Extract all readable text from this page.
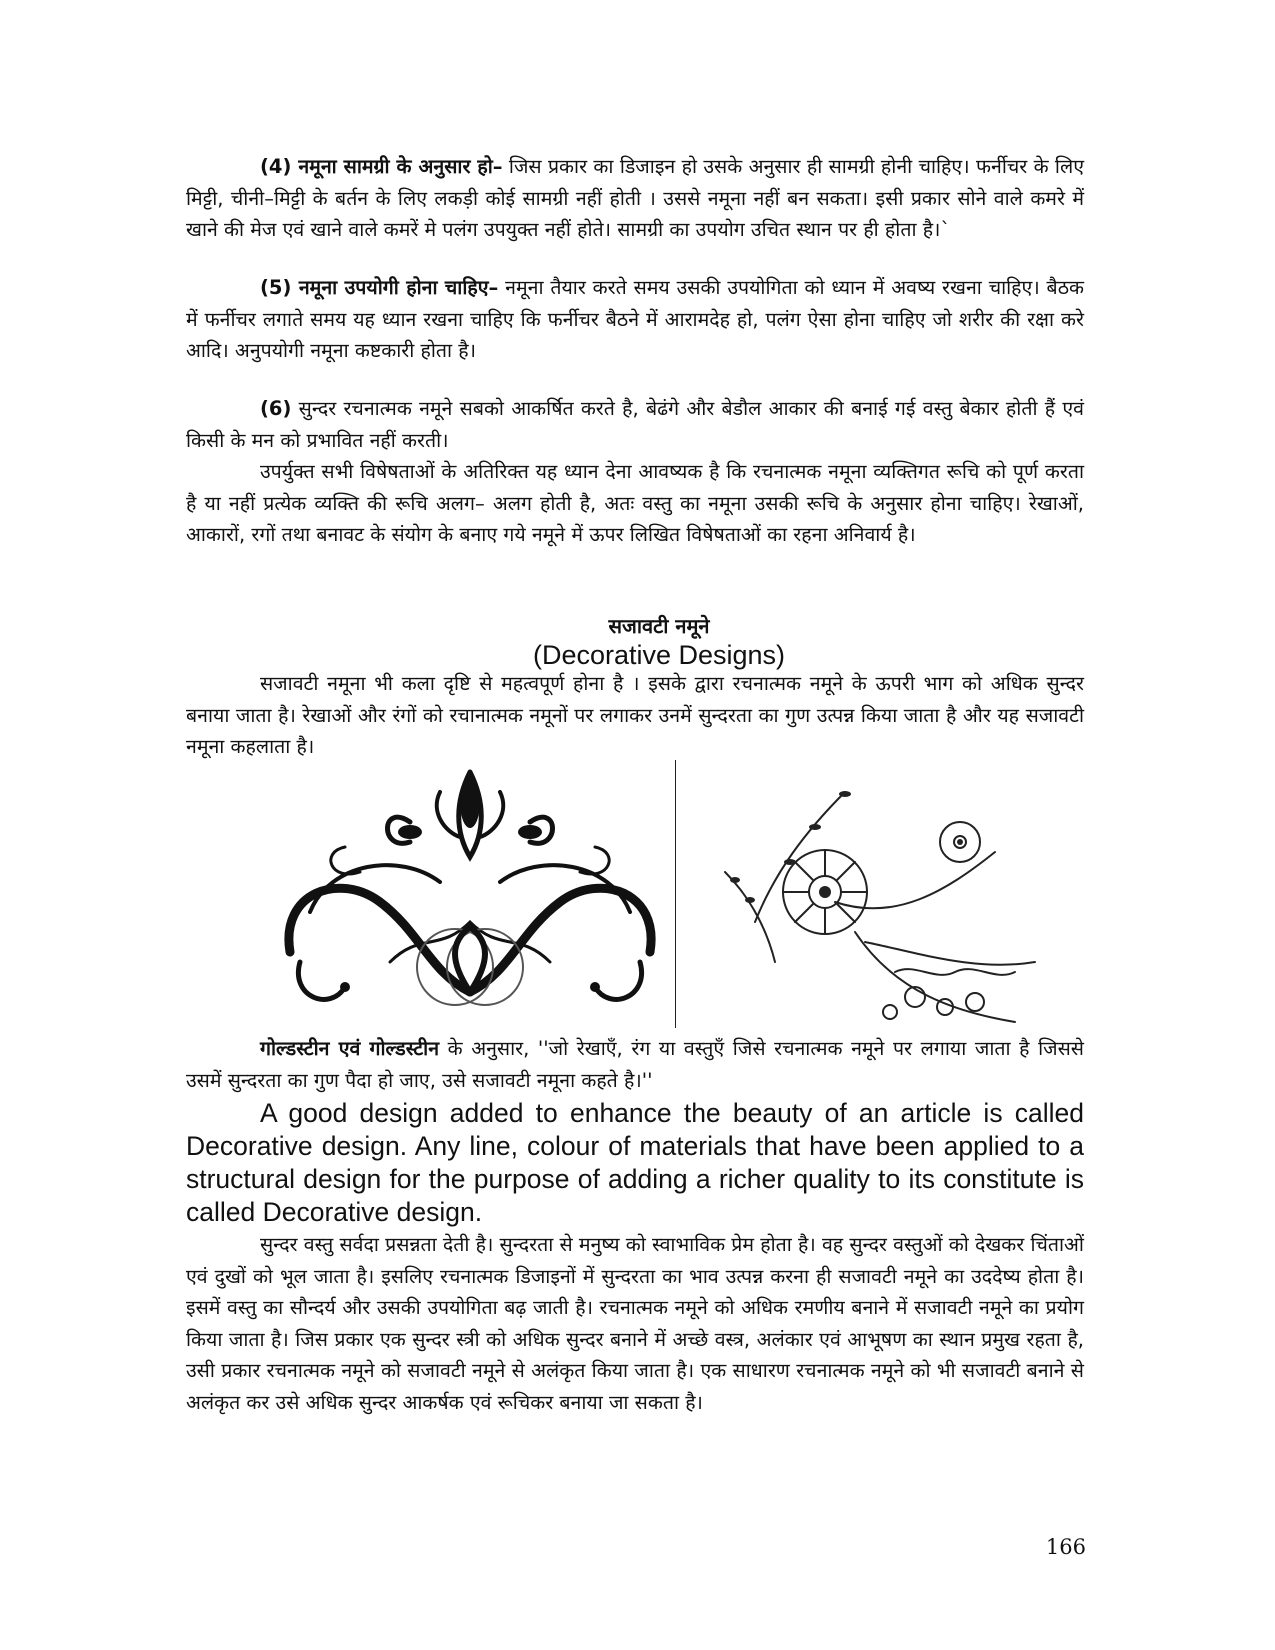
(4) नमूना सामग्री के अनुसार हो– जिस प्रकार का डिजाइन हो उसके अनुसार ही सामग्री होनी चाहिए। फर्नीचर के लिए मिट्टी, चीनी–मिट्टी के बर्तन के लिए लकड़ी कोई सामग्री नहीं होती । उससे नमूना नहीं बन सकता। इसी प्रकार सोने वाले कमरे में खाने की मेज एवं खाने वाले कमरें मे पलंग उपयुक्त नहीं होते। सामग्री का उपयोग उचित स्थान पर ही होता है।`

(5) नमूना उपयोगी होना चाहिए– नमूना तैयार करते समय उसकी उपयोगिता को ध्यान में अवष्य रखना चाहिए। बैठक में फर्नीचर लगाते समय यह ध्यान रखना चाहिए कि फर्नीचर बैठने में आरामदेह हो, पलंग ऐसा होना चाहिए जो शरीर की रक्षा करे आदि। अनुपयोगी नमूना कष्टकारी होता है।

(6) सुन्दर रचनात्मक नमूने सबको आकर्षित करते है, बेढंगे और बेडौल आकार की बनाई गई वस्तु बेकार होती हैं एवं किसी के मन को प्रभावित नहीं करती।

उपर्युक्त सभी विषेषताओं के अतिरिक्त यह ध्यान देना आवष्यक है कि रचनात्मक नमूना व्यक्तिगत रूचि को पूर्ण करता है या नहीं प्रत्येक व्यक्ति की रूचि अलग– अलग होती है, अतः वस्तु का नमूना उसकी रूचि के अनुसार होना चाहिए। रेखाओं, आकारों, रगों तथा बनावट के संयोग के बनाए गये नमूने में ऊपर लिखित विषेषताओं का रहना अनिवार्य है।

सजावटी नमूने
(Decorative Designs)

सजावटी नमूना भी कला दृष्टि से महत्वपूर्ण होना है । इसके द्वारा रचनात्मक नमूने के ऊपरी भाग को अधिक सुन्दर बनाया जाता है। रेखाओं और रंगों को रचानात्मक नमूनों पर लगाकर उनमें सुन्दरता का गुण उत्पन्न किया जाता है और यह सजावटी नमूना कहलाता है।

गोल्डस्टीन एवं गोल्डस्टीन के अनुसार, ''जो रेखाएँ, रंग या वस्तुएँ जिसे रचनात्मक नमूने पर लगाया जाता है जिससे उसमें सुन्दरता का गुण पैदा हो जाए, उसे सजावटी नमूना कहते है।''

A good design added to enhance the beauty of an article is called Decorative design. Any line, colour of materials that have been applied to a structural design for the purpose of adding a richer quality to its constitute is called Decorative design.

सुन्दर वस्तु सर्वदा प्रसन्नता देती है। सुन्दरता से मनुष्य को स्वाभाविक प्रेम होता है। वह सुन्दर वस्तुओं को देखकर चिंताओं एवं दुखों को भूल जाता है। इसलिए रचनात्मक डिजाइनों में सुन्दरता का भाव उत्पन्न करना ही सजावटी नमूने का उददेष्य होता है। इसमें वस्तु का सौन्दर्य और उसकी उपयोगिता बढ़ जाती है। रचनात्मक नमूने को अधिक रमणीय बनाने में सजावटी नमूने का प्रयोग किया जाता है। जिस प्रकार एक सुन्दर स्त्री को अधिक सुन्दर बनाने में अच्छे वस्त्र, अलंकार एवं आभूषण का स्थान प्रमुख रहता है, उसी प्रकार रचनात्मक नमूने को सजावटी नमूने से अलंकृत किया जाता है। एक साधारण रचनात्मक नमूने को भी सजावटी बनाने से अलंकृत कर उसे अधिक सुन्दर आकर्षक एवं रूचिकर बनाया जा सकता है।

166
